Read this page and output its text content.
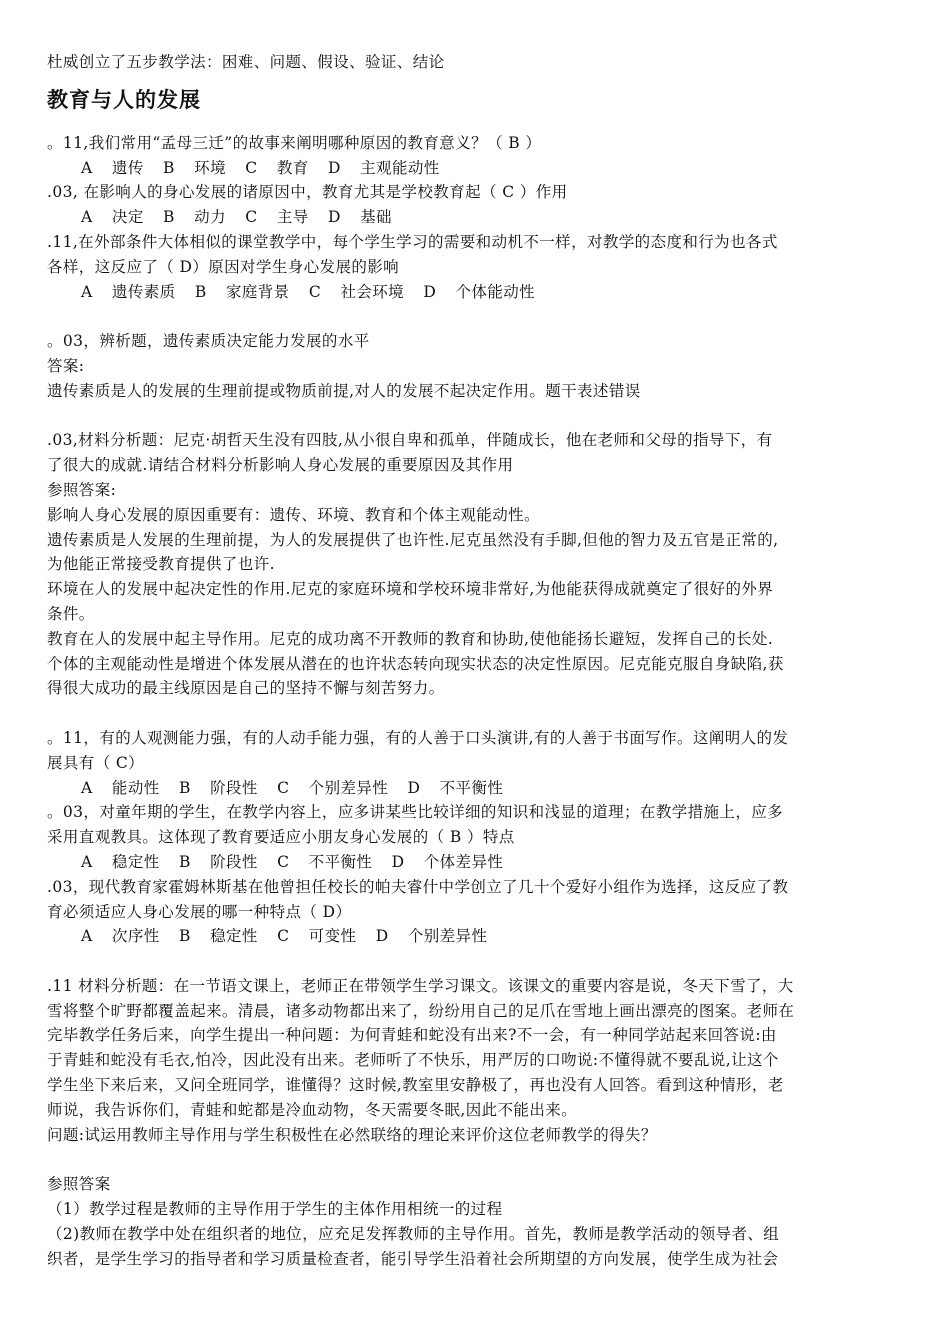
杜威创立了五步教学法：困难、问题、假设、验证、结论
教育与人的发展
。11,我们常用“孟母三迁”的故事来阐明哪种原因的教育意义？（ B ）
A 遗传 B 环境 C 教育 D 主观能动性
.03, 在影响人的身心发展的诸原因中，教育尤其是学校教育起（ C ）作用
A 决定 B 动力 C 主导 D 基础
.11,在外部条件大体相似的课堂教学中，每个学生学习的需要和动机不一样，对教学的态度和行为也各式
各样，这反应了（ D）原因对学生身心发展的影响
A 遗传素质 B 家庭背景 C 社会环境 D 个体能动性
。03，辨析题，遗传素质决定能力发展的水平
答案:
遗传素质是人的发展的生理前提或物质前提,对人的发展不起决定作用。题干表述错误
.03,材料分析题：尼克·胡哲天生没有四肢,从小很自卑和孤单，伴随成长，他在老师和父母的指导下，有
了很大的成就.请结合材料分析影响人身心发展的重要原因及其作用
参照答案:
影响人身心发展的原因重要有：遗传、环境、教育和个体主观能动性。
遗传素质是人发展的生理前提，为人的发展提供了也许性.尼克虽然没有手脚,但他的智力及五官是正常的,
为他能正常接受教育提供了也许.
环境在人的发展中起决定性的作用.尼克的家庭环境和学校环境非常好,为他能获得成就奠定了很好的外界
条件。
教育在人的发展中起主导作用。尼克的成功离不开教师的教育和协助,使他能扬长避短，发挥自己的长处.
个体的主观能动性是增进个体发展从潜在的也许状态转向现实状态的决定性原因。尼克能克服自身缺陷,获
得很大成功的最主线原因是自己的坚持不懈与刻苦努力。
。11，有的人观测能力强，有的人动手能力强，有的人善于口头演讲,有的人善于书面写作。这阐明人的发
展具有（ C）
A 能动性 B 阶段性 C 个别差异性 D 不平衡性
。03，对童年期的学生，在教学内容上，应多讲某些比较详细的知识和浅显的道理；在教学措施上，应多
采用直观教具。这体现了教育要适应小朋友身心发展的（ B ）特点
A 稳定性 B 阶段性 C 不平衡性 D 个体差异性
.03，现代教育家霍姆林斯基在他曾担任校长的帕夫睿什中学创立了几十个爱好小组作为选择，这反应了教
育必须适应人身心发展的哪一种特点（ D）
A 次序性 B 稳定性 C 可变性 D 个别差异性
.11 材料分析题：在一节语文课上，老师正在带领学生学习课文。该课文的重要内容是说，冬天下雪了，大
雪将整个旷野都覆盖起来。清晨，诸多动物都出来了，纷纷用自己的足爪在雪地上画出漂亮的图案。老师在
完毕教学任务后来，向学生提出一种问题：为何青蛙和蛇没有出来?不一会，有一种同学站起来回答说:由
于青蛙和蛇没有毛衣,怕冷，因此没有出来。老师听了不快乐，用严厉的口吻说:不懂得就不要乱说,让这个
学生坐下来后来，又问全班同学，谁懂得？这时候,教室里安静极了，再也没有人回答。看到这种情形，老
师说，我告诉你们，青蛙和蛇都是冷血动物，冬天需要冬眠,因此不能出来。
问题:试运用教师主导作用与学生积极性在必然联络的理论来评价这位老师教学的得失？
参照答案
（1）教学过程是教师的主导作用于学生的主体作用相统一的过程
（2)教师在教学中处在组织者的地位，应充足发挥教师的主导作用。首先，教师是教学活动的领导者、组
织者，是学生学习的指导者和学习质量检查者，能引导学生沿着社会所期望的方向发展，使学生成为社会
